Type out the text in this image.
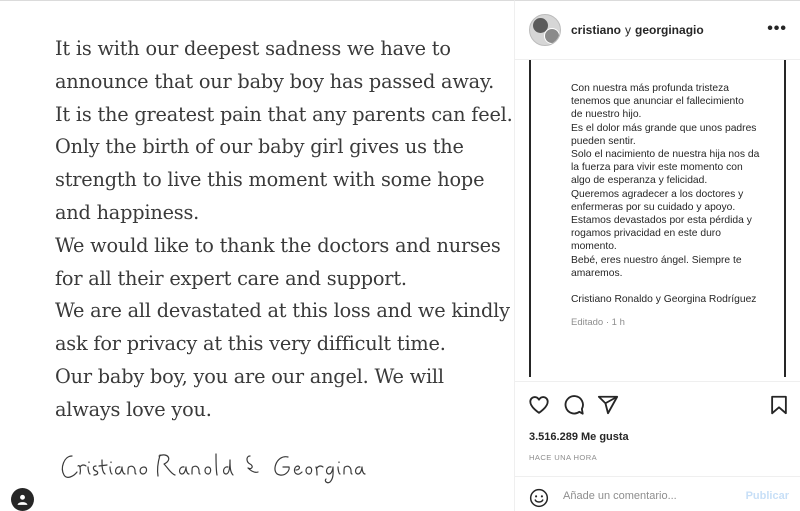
It is with our deepest sadness we have to
announce that our baby boy has passed away.
It is the greatest pain that any parents can feel.
Only the birth of our baby girl gives us the
strength to live this moment with some hope
and happiness.
We would like to thank the doctors and nurses
for all their expert care and support.
We are all devastated at this loss and we kindly
ask for privacy at this very difficult time.
Our baby boy, you are our angel. We will
always love you.
cristiano y georginagio	•••
Con nuestra más profunda tristeza
tenemos que anunciar el fallecimiento
de nuestro hijo.
Es el dolor más grande que unos padres
pueden sentir.
Solo el nacimiento de nuestra hija nos da
la fuerza para vivir este momento con
algo de esperanza y felicidad.
Queremos agradecer a los doctores y
enfermeras por su cuidado y apoyo.
Estamos devastados por esta pérdida y
rogamos privacidad en este duro
momento.
Bebé, eres nuestro ángel. Siempre te
amaremos.
Cristiano Ronaldo y Georgina Rodríguez
Editado · 1 h
3.516.289 Me gusta
HACE UNA HORA
Añade un comentario...
Publicar
